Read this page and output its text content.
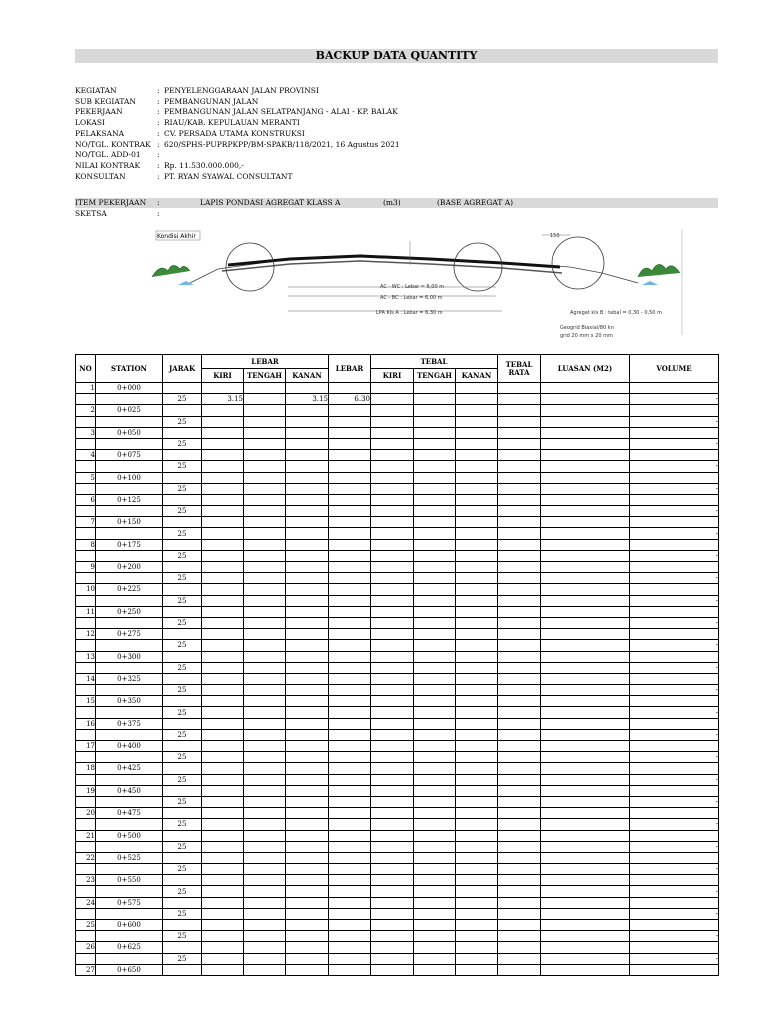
BACKUP DATA QUANTITY
KEGIATAN	: PENYELENGGARAAN JALAN PROVINSI
SUB KEGIATAN	: PEMBANGUNAN JALAN
PEKERJAAN	: PEMBANGUNAN JALAN SELATPANJANG - ALAI - KP. BALAK
LOKASI	: RIAU/KAB. KEPULAUAN MERANTI
PELAKSANA	: CV. PERSADA UTAMA KONSTRUKSI
NO/TGL. KONTRAK : 620/SPHS-PUPRPKPP/BM-SPAKB/118/2021, 16 Agustus 2021
NO/TGL. ADD-01	:
NILAI KONTRAK	: Rp. 11.530.000.000,-
KONSULTAN	: PT. RYAN SYAWAL CONSULTANT
ITEM PEKERJAAN :	LAPIS PONDASI AGREGAT KLASS A	(m3)	(BASE AGREGAT A)
SKETSA	:
Kondisi Akhir	150
AC - WC : Lebar = 6,00 m
AC - BC : Lebar = 6,00 m
LPA Kls A : Lebar = 6,30 m	Agregat kls B : tebal = 0,30 - 0,50 m
Geogrid Biaxial/80 kn
grid 20 mm x 20 mm
NO	STATION	JARAK	LEBAR			LEBAR	TEBAL			TEBAL RATA	LUASAN (M2)	VOLUME
			KIRI	TENGAH	KANAN		KIRI	TENGAH	KANAN			
1	0+000											
		25	3.15		3.15	6.30						-
2	0+025											
		25										-
3	0+050											
		25										-
4	0+075											
		25										-
5	0+100											
		25										-
6	0+125											
		25										-
7	0+150											
		25										-
8	0+175											
		25										-
9	0+200											
		25										-
10	0+225											
		25										-
11	0+250											
		25										-
12	0+275											
		25										-
13	0+300											
		25										-
14	0+325											
		25										-
15	0+350											
		25										-
16	0+375											
		25										-
17	0+400											
		25										-
18	0+425											
		25										-
19	0+450											
		25										-
20	0+475											
		25										-
21	0+500											
		25										-
22	0+525											
		25										-
23	0+550											
		25										-
24	0+575											
		25										-
25	0+600											
		25										-
26	0+625											
		25										-
27	0+650											
